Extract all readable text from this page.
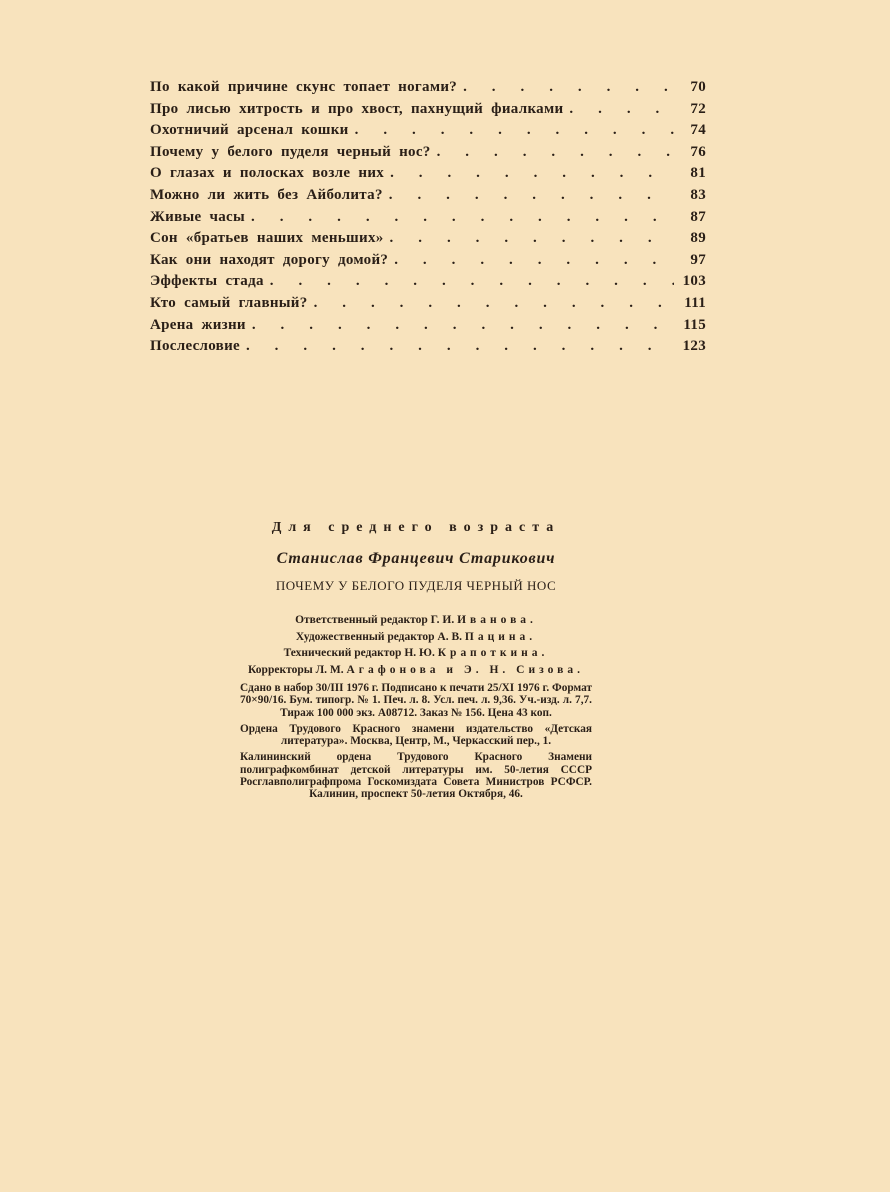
По какой причине скунс топает ногами? . . .	70
Про лисью хитрость и про хвост, пахнущий фиалками . . .	72
Охотничий арсенал кошки . . .	74
Почему у белого пуделя черный нос? . . .	76
О глазах и полосках возле них . . .	81
Можно ли жить без Айболита? . . .	83
Живые часы . . .	87
Сон «братьев наших меньших» . . .	89
Как они находят дорогу домой? . . .	97
Эффекты стада . . .	103
Кто самый главный? . . .	111
Арена жизни . . .	115
Послесловие . . .	123
Для среднего возраста
Станислав Францевич Старикович
ПОЧЕМУ У БЕЛОГО ПУДЕЛЯ ЧЕРНЫЙ НОС
Ответственный редактор Г. И. Иванова.
Художественный редактор А. В. Пацина.
Технический редактор Н. Ю. Крапоткина.
Корректоры Л. М. Агафонова и Э. Н. Сизова.
Сдано в набор 30/III 1976 г. Подписано к печати 25/XI 1976 г. Формат 70×90/16. Бум. типогр. № 1. Печ. л. 8. Усл. печ. л. 9,36. Уч.-изд. л. 7,7. Тираж 100 000 экз. А08712. Заказ № 156. Цена 43 коп.
Ордена Трудового Красного знамени издательство «Детская литература». Москва, Центр, М., Черкасский пер., 1.
Калининский ордена Трудового Красного Знамени полиграфкомбинат детской литературы им. 50-летия СССР Росглавполиграфпрома Госкомиздата Совета Министров РСФСР. Калинин, проспект 50-летия Октября, 46.
